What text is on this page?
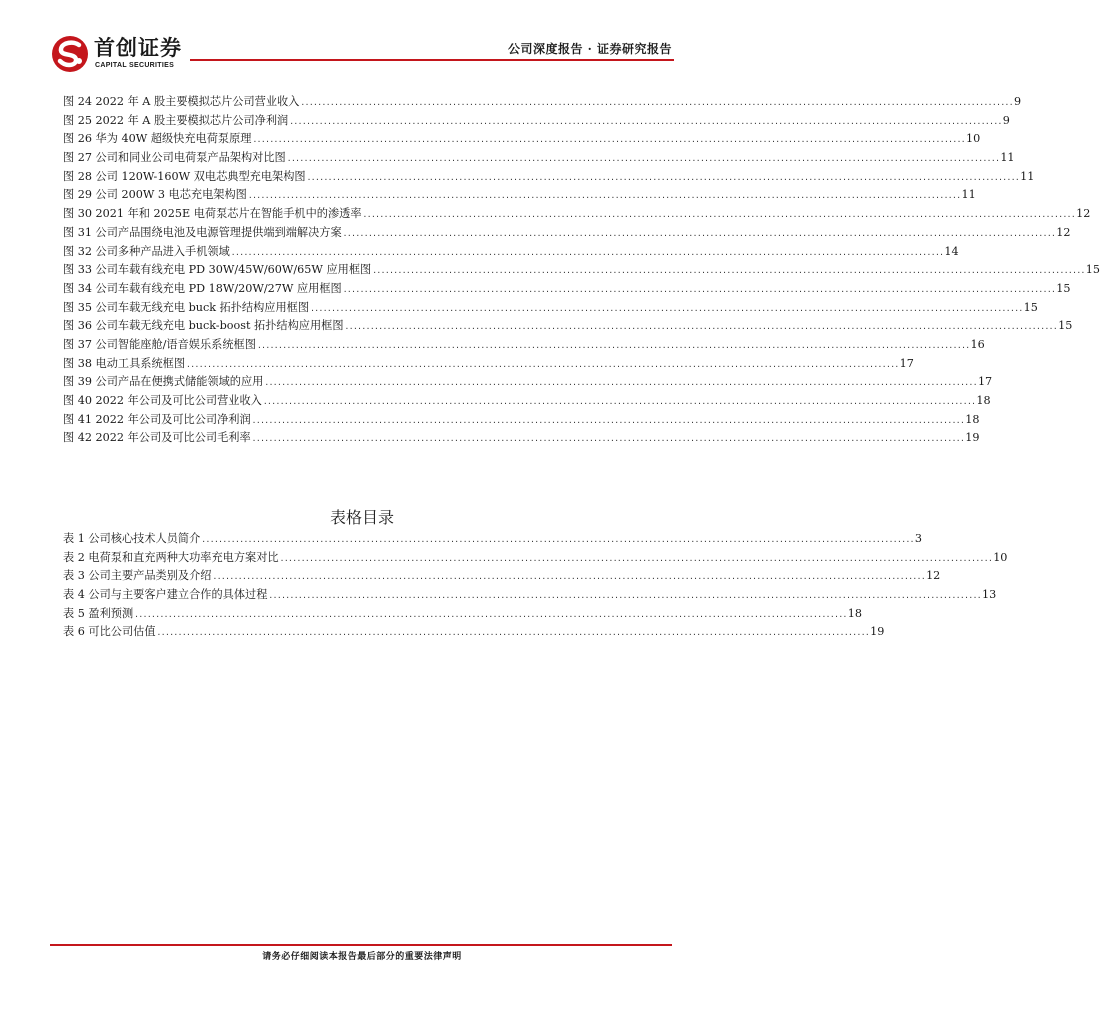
首创证券
CAPITAL SECURITIES
公司深度报告 · 证券研究报告
图 24 2022 年 A 股主要模拟芯片公司营业收入 ......................................................................................................................................................................... 9
图 25 2022 年 A 股主要模拟芯片公司净利润 ......................................................................................................................................................................... 9
图 26 华为 40W 超级快充电荷泵原理 ......................................................................................................................................................................... 10
图 27 公司和同业公司电荷泵产品架构对比图 ......................................................................................................................................................................... 11
图 28 公司 120W-160W 双电芯典型充电架构图 ......................................................................................................................................................................... 11
图 29 公司 200W 3 电芯充电架构图 ......................................................................................................................................................................... 11
图 30 2021 年和 2025E 电荷泵芯片在智能手机中的渗透率 ......................................................................................................................................................................... 12
图 31 公司产品围绕电池及电源管理提供端到端解决方案 ......................................................................................................................................................................... 12
图 32 公司多种产品进入手机领域 ......................................................................................................................................................................... 14
图 33 公司车载有线充电 PD 30W/45W/60W/65W 应用框图 ......................................................................................................................................................................... 15
图 34 公司车载有线充电 PD 18W/20W/27W 应用框图 ......................................................................................................................................................................... 15
图 35 公司车载无线充电 buck 拓扑结构应用框图 ......................................................................................................................................................................... 15
图 36 公司车载无线充电 buck-boost 拓扑结构应用框图 ......................................................................................................................................................................... 15
图 37 公司智能座舱/语音娱乐系统框图 ......................................................................................................................................................................... 16
图 38 电动工具系统框图 ......................................................................................................................................................................... 17
图 39 公司产品在便携式储能领域的应用 ......................................................................................................................................................................... 17
图 40 2022 年公司及可比公司营业收入 ......................................................................................................................................................................... 18
图 41 2022 年公司及可比公司净利润 ......................................................................................................................................................................... 18
图 42 2022 年公司及可比公司毛利率 ......................................................................................................................................................................... 19
表格目录
表 1 公司核心技术人员简介 ......................................................................................................................................................................... 3
表 2 电荷泵和直充两种大功率充电方案对比 ......................................................................................................................................................................... 10
表 3 公司主要产品类别及介绍 ......................................................................................................................................................................... 12
表 4 公司与主要客户建立合作的具体过程 ......................................................................................................................................................................... 13
表 5 盈利预测 ......................................................................................................................................................................... 18
表 6 可比公司估值 ......................................................................................................................................................................... 19
请务必仔细阅读本报告最后部分的重要法律声明
